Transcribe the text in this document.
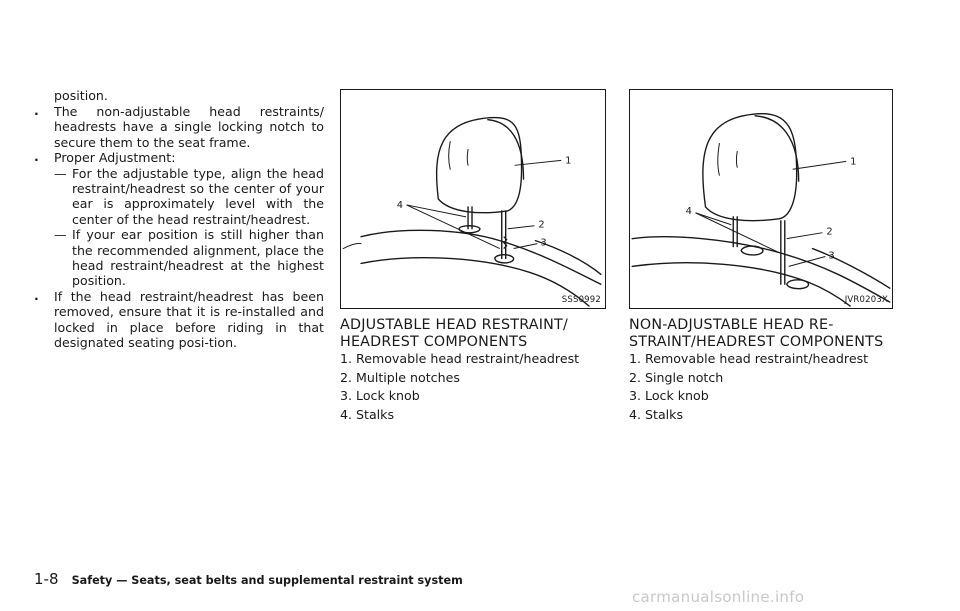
position.
. The non-adjustable head restraints/ headrests have a single locking notch to secure them to the seat frame.
. Proper Adjustment:
— For the adjustable type, align the head restraint/headrest so the center of your ear is approximately level with the center of the head restraint/headrest.
— If your ear position is still higher than the recommended alignment, place the head restraint/headrest at the highest position.
. If the head restraint/headrest has been removed, ensure that it is re-installed and locked in place before riding in that designated seating posi-tion.
1
2
3
4
SSS0992
1
2
3
4
JVR0203X
ADJUSTABLE HEAD RESTRAINT/ HEADREST COMPONENTS
NON-ADJUSTABLE HEAD RE-STRAINT/HEADREST COMPONENTS
1. Removable head restraint/headrest
2. Multiple notches
3. Lock knob
4. Stalks
1. Removable head restraint/headrest
2. Single notch
3. Lock knob
4. Stalks
1-8 Safety — Seats, seat belts and supplemental restraint system
carmanualsonline.info
